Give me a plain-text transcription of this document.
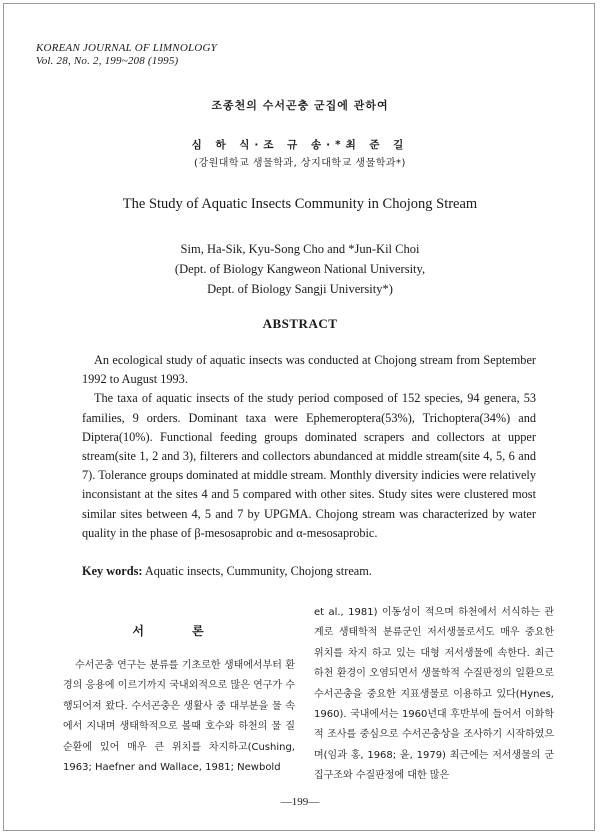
KOREAN JOURNAL OF LIMNOLOGY
Vol. 28, No. 2, 199~208 (1995)
조종천의 수서곤충 군집에 관하여
심 하 식·조 규 송·*최 준 길
(강원대학교 생물학과, 상지대학교 생물학과*)
The Study of Aquatic Insects Community in Chojong Stream
Sim, Ha-Sik, Kyu-Song Cho and *Jun-Kil Choi
(Dept. of Biology Kangweon National University,
Dept. of Biology Sangji University*)
ABSTRACT

An ecological study of aquatic insects was conducted at Chojong stream from September 1992 to August 1993.

The taxa of aquatic insects of the study period composed of 152 species, 94 genera, 53 families, 9 orders. Dominant taxa were Ephemeroptera(53%), Trichoptera(34%) and Diptera(10%). Functional feeding groups dominated scrapers and collectors at upper stream(site 1, 2 and 3), filterers and collectors abundanced at middle stream(site 4, 5, 6 and 7). Tolerance groups dominated at middle stream. Monthly diversity indicies were relatively inconsistant at the sites 4 and 5 compared with other sites. Study sites were clustered most similar sites between 4, 5 and 7 by UPGMA. Chojong stream was characterized by water quality in the phase of β-mesosaprobic and α-mesosaprobic.

Key words: Aquatic insects, Cummunity, Chojong stream.
서 론

수서곤충 연구는 분류를 기초로한 생태에서부터 환경의 응용에 이르기까지 국내외적으로 많은 연구가 수행되어져 왔다. 수서곤충은 생활사 중 대부분을 물 속에서 지내며 생태학적으로 볼때 호수와 하천의 물 질순환에 있어 매우 큰 위치를 차지하고(Cushing, 1963; Haefner and Wallace, 1981; Newbold

et al., 1981) 이동성이 적으며 하천에서 서식하는 관계로 생태학적 분류군인 저서생물로서도 매우 중요한 위치를 차지 하고 있는 대형 저서생물에 속한다. 최근 하천 환경이 오염되면서 생물학적 수질판정의 일환으로 수서곤충을 중요한 지표생물로 이용하고 있다(Hynes, 1960). 국내에서는 1960년대 후반부에 들어서 이화학적 조사를 중심으로 수서곤충상을 조사하기 시작하였으며(임과 홍, 1968; 윤, 1979) 최근에는 저서생물의 군집구조와 수질판정에 대한 많은

—199—
